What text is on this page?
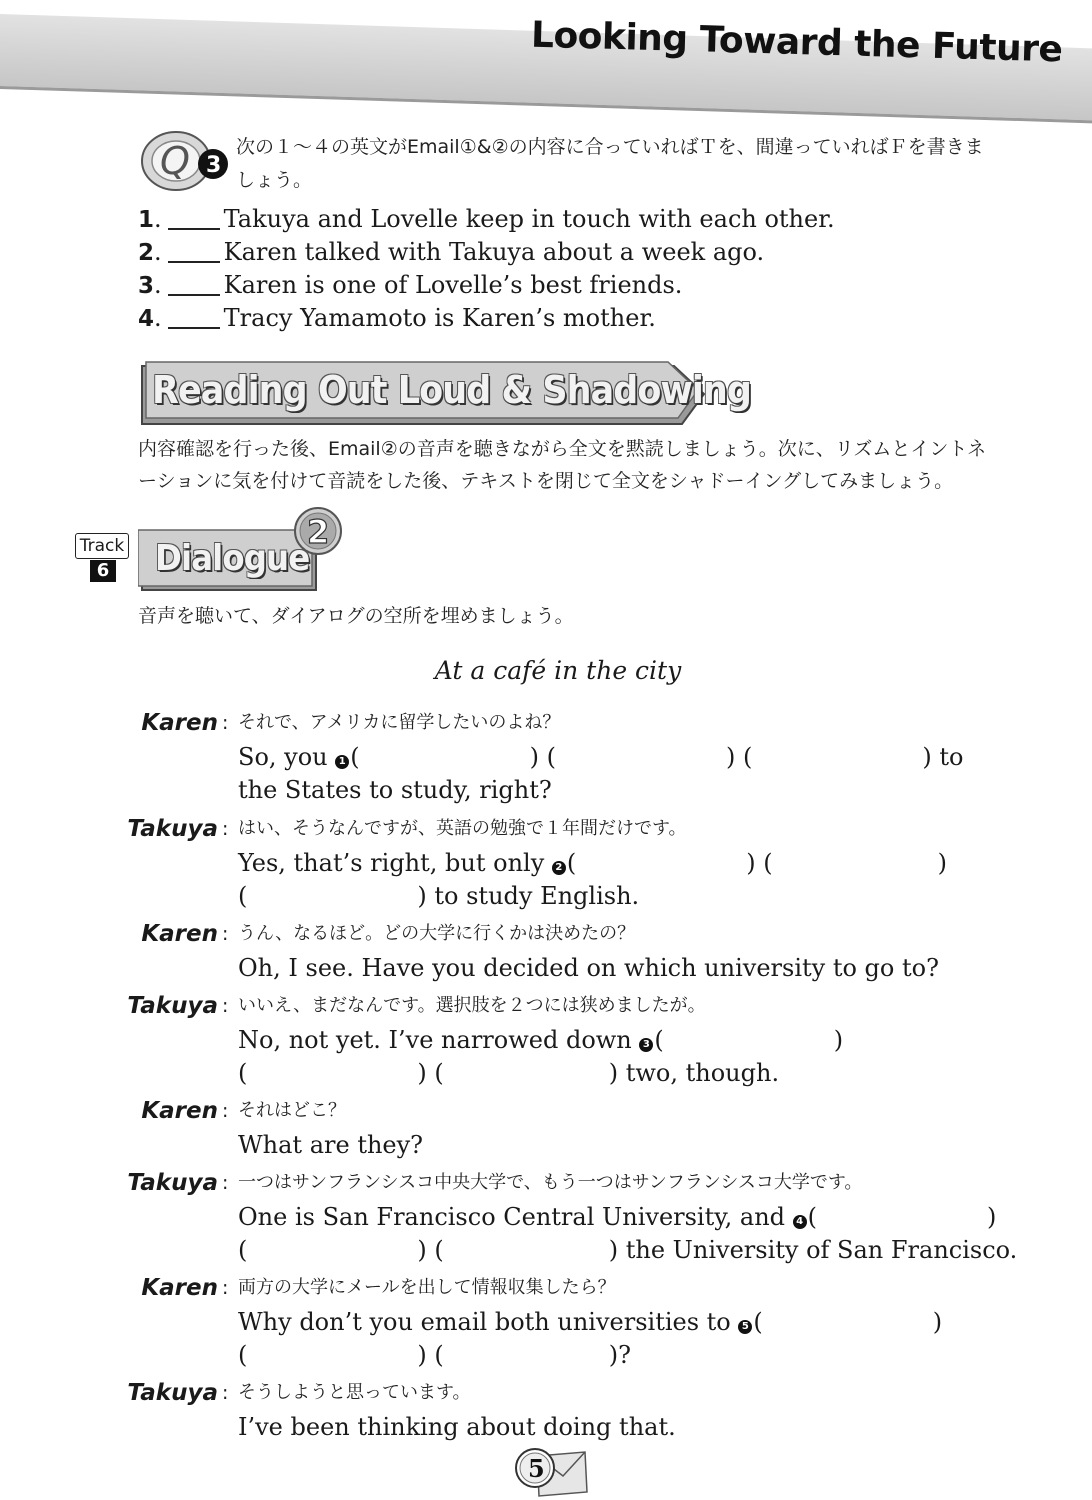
Looking Toward the Future
Q 3
次の１～４の英文がEmail①&②の内容に合っていればＴを、間違っていればＦを書きましょう。
1.	Takuya and Lovelle keep in touch with each other.
2.	Karen talked with Takuya about a week ago.
3.	Karen is one of Lovelle’s best friends.
4.	Tracy Yamamoto is Karen’s mother.
Reading Out Loud & Shadowing
内容確認を行った後、Email②の音声を聴きながら全文を黙読しましょう。次に、リズムとイントネーションに気を付けて音読をした後、テキストを閉じて全文をシャドーイングしてみましょう。
Track
6
2
Dialogue
音声を聴いて、ダイアログの空所を埋めましょう。
At a café in the city
Karen : それで、アメリカに留学したいのよね？
So, you 1 (	) (	) (	) to
the States to study, right?
Takuya : はい、そうなんですが、英語の勉強で１年間だけです。
Yes, that’s right, but only 2 (	) (	)
(	) to study English.
Karen : うん、なるほど。どの大学に行くかは決めたの？
Oh, I see. Have you decided on which university to go to?
Takuya : いいえ、まだなんです。選択肢を２つには狭めましたが。
No, not yet. I’ve narrowed down 3 (	)
(	) (	) two, though.
Karen : それはどこ？
What are they?
Takuya : 一つはサンフランシスコ中央大学で、もう一つはサンフランシスコ大学です。
One is San Francisco Central University, and 4 (	)
(	) (	) the University of San Francisco.
Karen : 両方の大学にメールを出して情報収集したら？
Why don’t you email both universities to 5 (	)
(	) (	)?
Takuya : そうしようと思っています。
I’ve been thinking about doing that.
5
